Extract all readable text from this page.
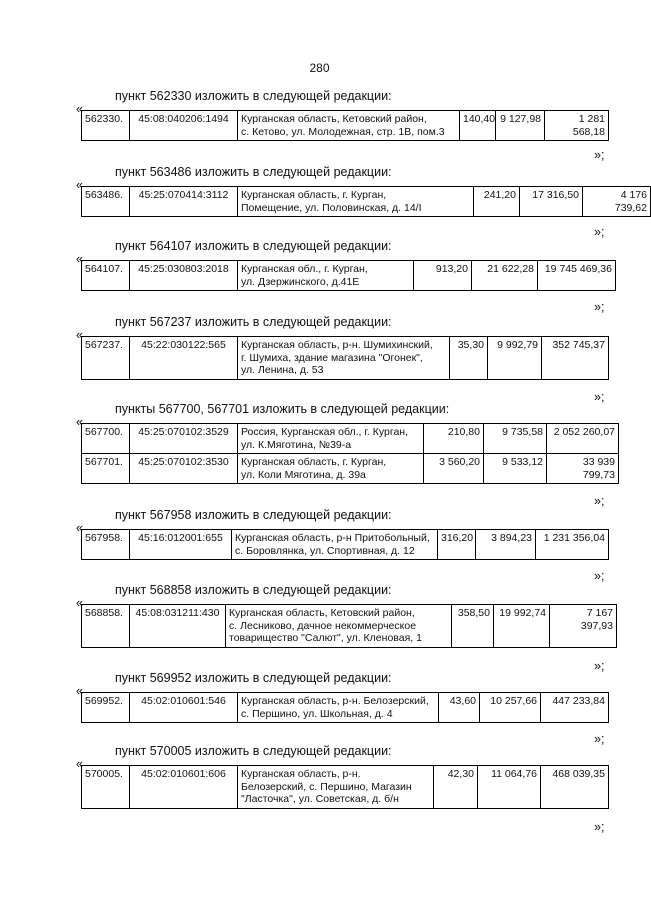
280
пункт 562330 изложить в следующей редакции:
«
562330.	45:08:040206:1494	Курганская область, Кетовский район,
с. Кетово, ул. Молодежная, стр. 1В, пом.3
	140,40	9 127,98	1 281 568,18
»;
пункт 563486 изложить в следующей редакции:
«
563486.	45:25:070414:3112	Курганская область, г. Курган,
Помещение, ул. Половинская, д. 14/I
	241,20	17 316,50	4 176 739,62
»;
пункт 564107 изложить в следующей редакции:
«
564107.	45:25:030803:2018	Курганская обл., г. Курган,
ул. Дзержинского, д.41Е
	913,20	21 622,28	19 745 469,36
»;
пункт 567237 изложить в следующей редакции:
«
567237.	45:22:030122:565	Курганская область, р-н. Шумихинский,
г. Шумиха, здание магазина "Огонек",
ул. Ленина, д. 53
	35,30	9 992,79	352 745,37
»;
пункты 567700, 567701 изложить в следующей редакции:
«
567700.	45:25:070102:3529	Россия, Курганская обл., г. Курган,
ул. К.Мяготина, №39-а	210,80	9 735,58	2 052 260,07
567701.	45:25:070102:3530	Курганская область, г. Курган,
ул. Коли Мяготина, д. 39а	3 560,20	9 533,12	33 939 799,73
»;
пункт 567958 изложить в следующей редакции:
«
567958.	45:16:012001:655	Курганская область, р-н Притобольный,
с. Боровлянка, ул. Спортивная, д. 12
	316,20	3 894,23	1 231 356,04
»;
пункт 568858 изложить в следующей редакции:
«
568858.	45:08:031211:430	Курганская область, Кетовский район,
с. Лесниково, дачное некоммерческое
товарищество "Салют", ул. Кленовая, 1
	358,50	19 992,74	7 167 397,93
»;
пункт 569952 изложить в следующей редакции:
«
569952.	45:02:010601:546	Курганская область, р-н. Белозерский,
с. Першино, ул. Школьная, д. 4
	43,60	10 257,66	447 233,84
»;
пункт 570005 изложить в следующей редакции:
«
570005.	45:02:010601:606	Курганская область, р-н.
Белозерский, с. Першино, Магазин
"Ласточка", ул. Советская, д. б/н
	42,30	11 064,76	468 039,35
»;
